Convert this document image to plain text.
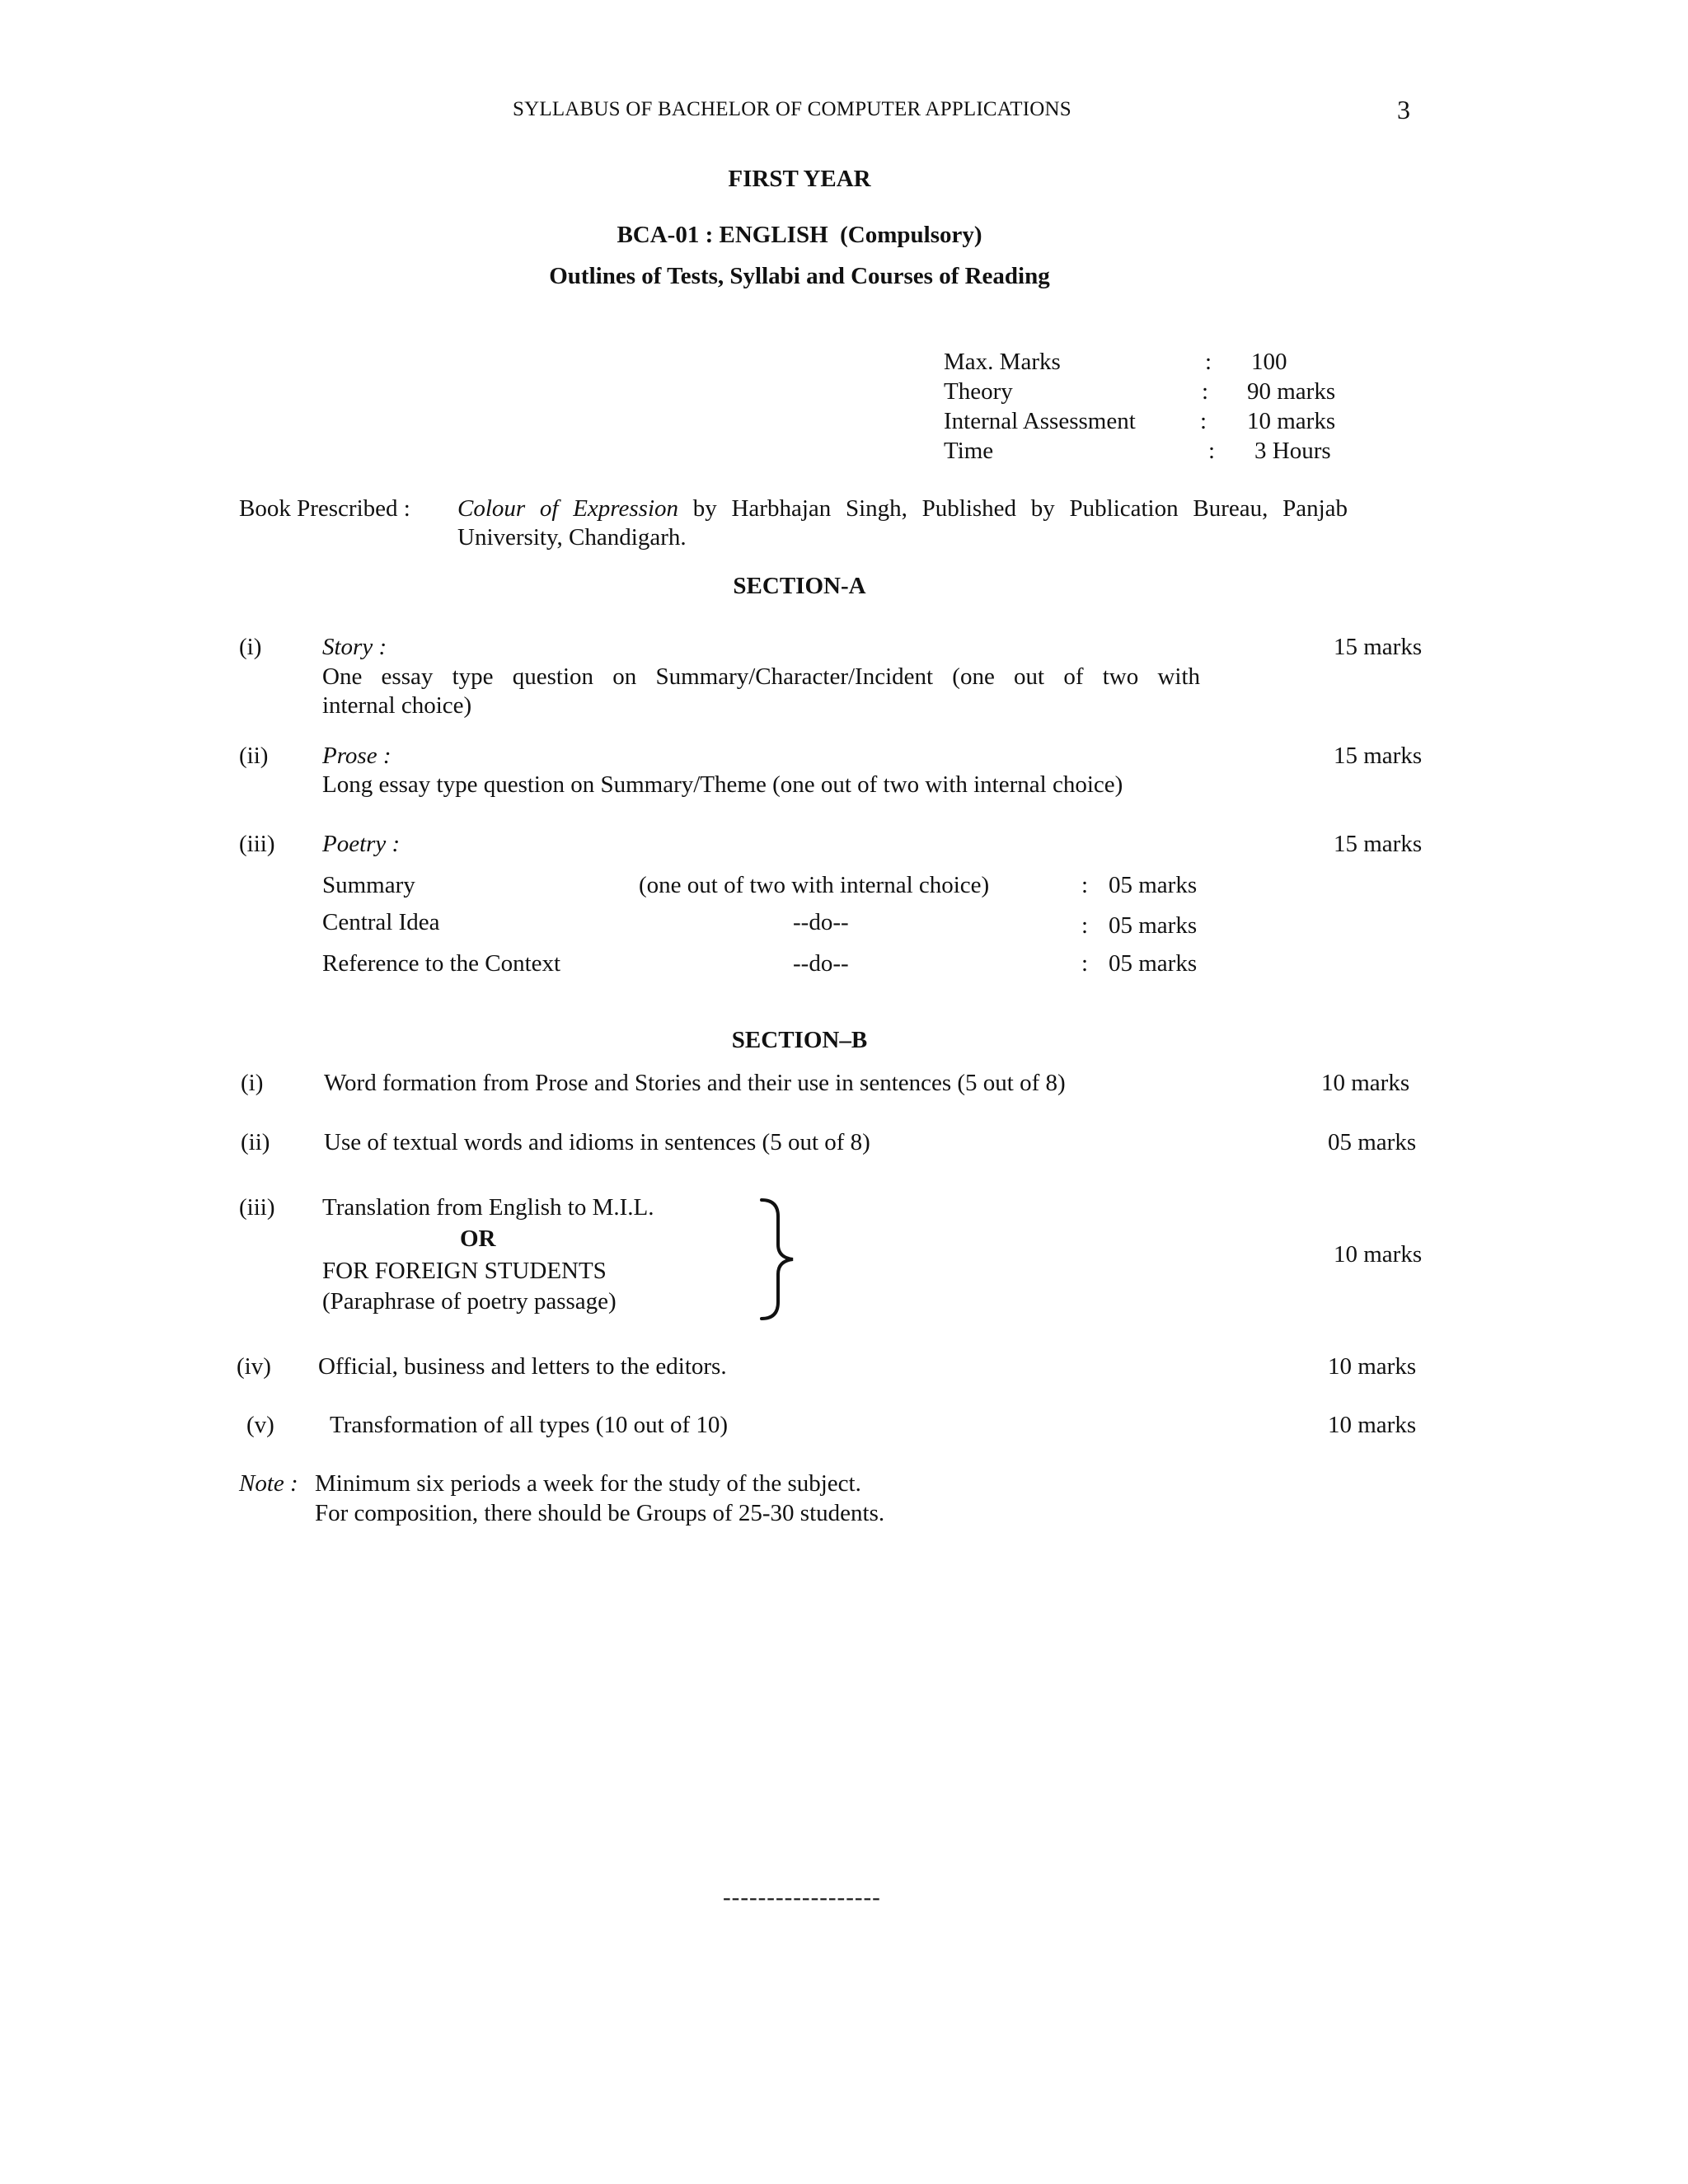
SYLLABUS OF BACHELOR OF COMPUTER APPLICATIONS	3
FIRST YEAR
BCA-01 : ENGLISH  (Compulsory)
Outlines of Tests, Syllabi and Courses of Reading
Max. Marks	: 100
Theory	: 90 marks
Internal Assessment	: 10 marks
Time	: 3 Hours
Book Prescribed : Colour of Expression by Harbhajan Singh, Published by Publication Bureau, Panjab
University, Chandigarh.
SECTION-A
(i)	Story :	15 marks
One essay type question on Summary/Character/Incident (one out of two with
internal choice)
(ii) Prose :	15 marks
Long essay type question on Summary/Theme (one out of two with internal choice)
(iii) Poetry :	15 marks
Summary	(one out of two with internal choice)	: 05 marks
Central Idea	--do--	: 05 marks
Reference to the Context	--do--	: 05 marks
SECTION–B
(i)	Word formation from Prose and Stories and their use in sentences (5 out of 8)	10 marks
(ii) Use of textual words and idioms in sentences (5 out of 8)	05 marks
(iii) Translation from English to M.I.L.
OR
FOR FOREIGN STUDENTS
(Paraphrase of poetry passage)
10 marks
(iv) Official, business and letters to the editors.	10 marks
(v) Transformation of all types (10 out of 10)	10 marks
Note : Minimum six periods a week for the study of the subject.
For composition, there should be Groups of 25-30 students.
------------------
